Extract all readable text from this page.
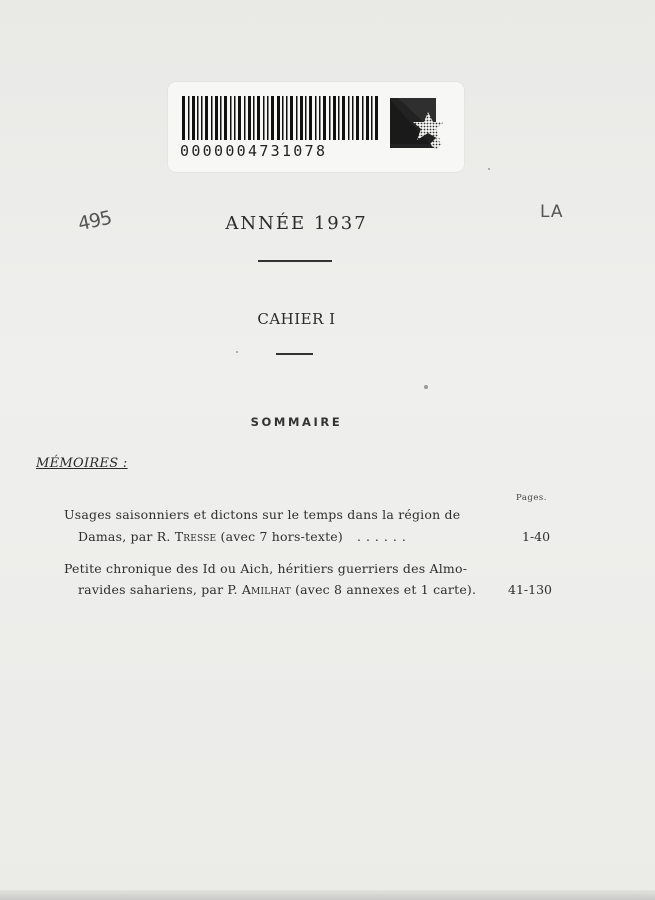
0000004731078
495	LA
ANNÉE 1937
CAHIER I
SOMMAIRE
MÉMOIRES :
Pages.
Usages saisonniers et dictons sur le temps dans la région de
Damas, par R. Tresse (avec 7 hors-texte) ......	1-40
Petite chronique des Id ou Aich, héritiers guerriers des Almo-
ravides sahariens, par P. Amilhat (avec 8 annexes et 1 carte).	41-130
